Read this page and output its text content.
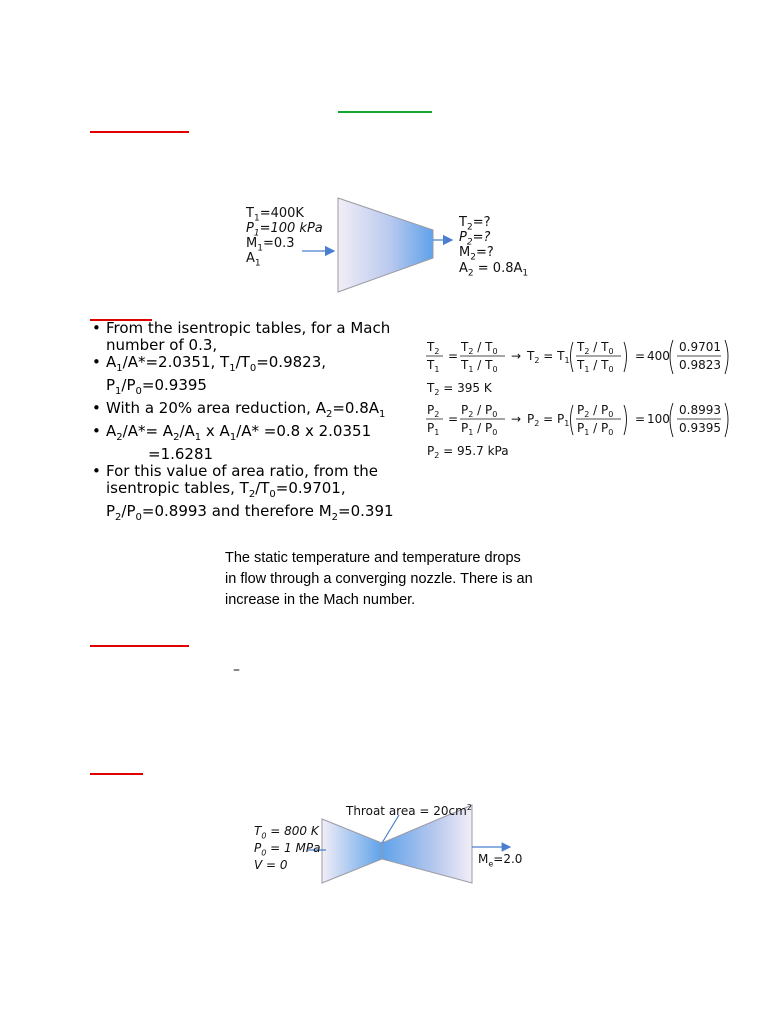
$T_1=400K$
$P_1=100$ kPa
$M_1=0.3$
$A_1$
$T_2=$?
$P_2=$?
$M_2=$?
$A_2 = 0.8A_1$
• From the isentropic tables, for a Mach
number of 0.3,
• $A_1/A*=2.0351$, $T_1/T_0=0.9823$,
$P_1/P_0=0.9395$
• With a 20% area reduction, $A_2=0.8A_1$
• $A_2/A*= A_2/A_1$ x $A_1/A* =0.8$ x 2.0351
=1.6281
• For this value of area ratio, from the
isentropic tables, $T_2/T_0=0.9701$,
$P_2/P_0=0.8993$ and therefore $M_2=0.391$
$T_2$
$T_1$
=
$T_2 / T_0$
$T_1 / T_0$
→ $T_2 = T_1$
$T_2 / T_0$
$T_1 / T_0$
= 400
0.9701
0.9823
$T_2 = 395$ K
$P_2$
$P_1$
=
$P_2 / P_0$
$P_1 / P_0$
→ $P_2 = P_1$
$P_2 / P_0$
$P_1 / P_0$
= 100
0.8993
0.9395
$P_2 = 95.7$ kPa
The static temperature and temperature drops
in flow through a converging nozzle. There is an
increase in the Mach number.
–
Throat area = $20cm^2$
$T_0 = 800$ K
$P_0 = 1$ MPa
V = 0	$M_e=2.0$
